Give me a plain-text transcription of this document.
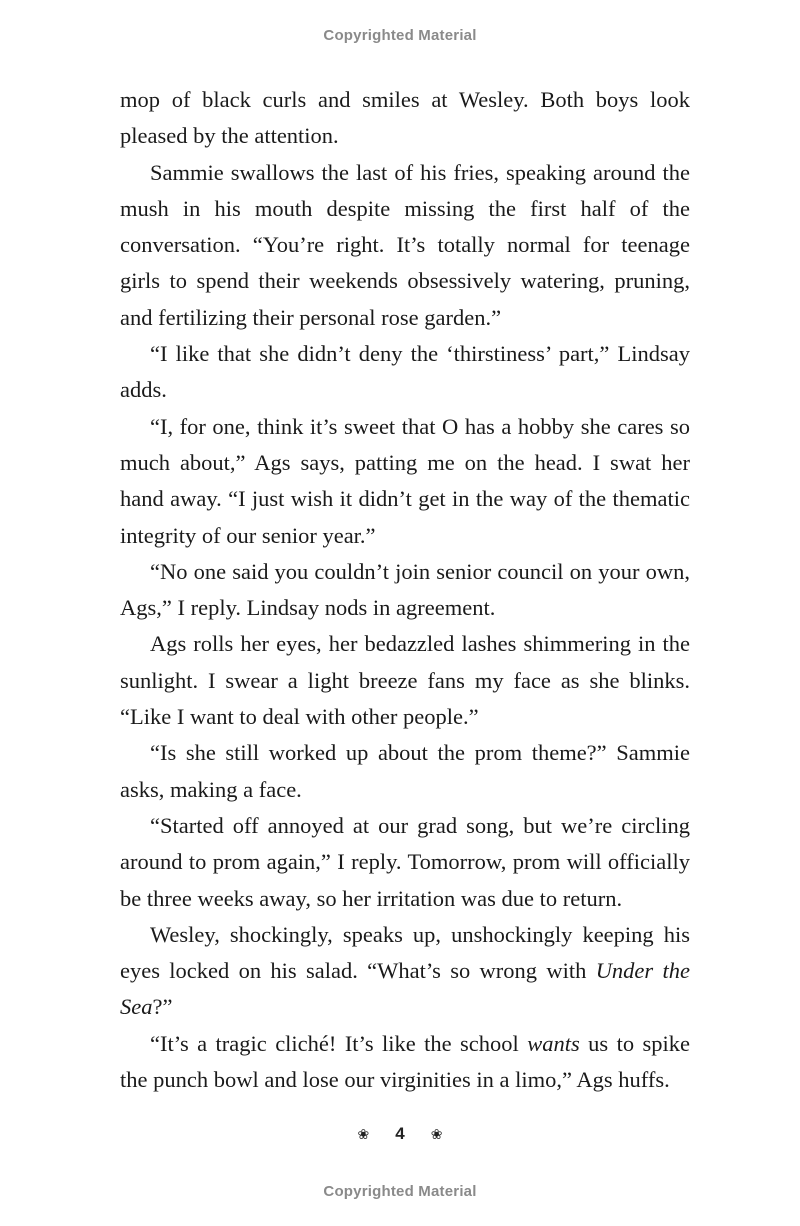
Copyrighted Material

mop of black curls and smiles at Wesley. Both boys look pleased by the attention.

Sammie swallows the last of his fries, speaking around the mush in his mouth despite missing the first half of the conversation. “You’re right. It’s totally normal for teenage girls to spend their weekends obsessively watering, pruning, and fertilizing their personal rose garden.”

“I like that she didn’t deny the ‘thirstiness’ part,” Lindsay adds.

“I, for one, think it’s sweet that O has a hobby she cares so much about,” Ags says, patting me on the head. I swat her hand away. “I just wish it didn’t get in the way of the thematic integrity of our senior year.”

“No one said you couldn’t join senior council on your own, Ags,” I reply. Lindsay nods in agreement.

Ags rolls her eyes, her bedazzled lashes shimmering in the sunlight. I swear a light breeze fans my face as she blinks. “Like I want to deal with other people.”

“Is she still worked up about the prom theme?” Sammie asks, making a face.

“Started off annoyed at our grad song, but we’re circling around to prom again,” I reply. Tomorrow, prom will officially be three weeks away, so her irritation was due to return.

Wesley, shockingly, speaks up, unshockingly keeping his eyes locked on his salad. “What’s so wrong with Under the Sea?”

“It’s a tragic cliché! It’s like the school wants us to spike the punch bowl and lose our virginities in a limo,” Ags huffs.

❀ 4 ❀
Copyrighted Material
